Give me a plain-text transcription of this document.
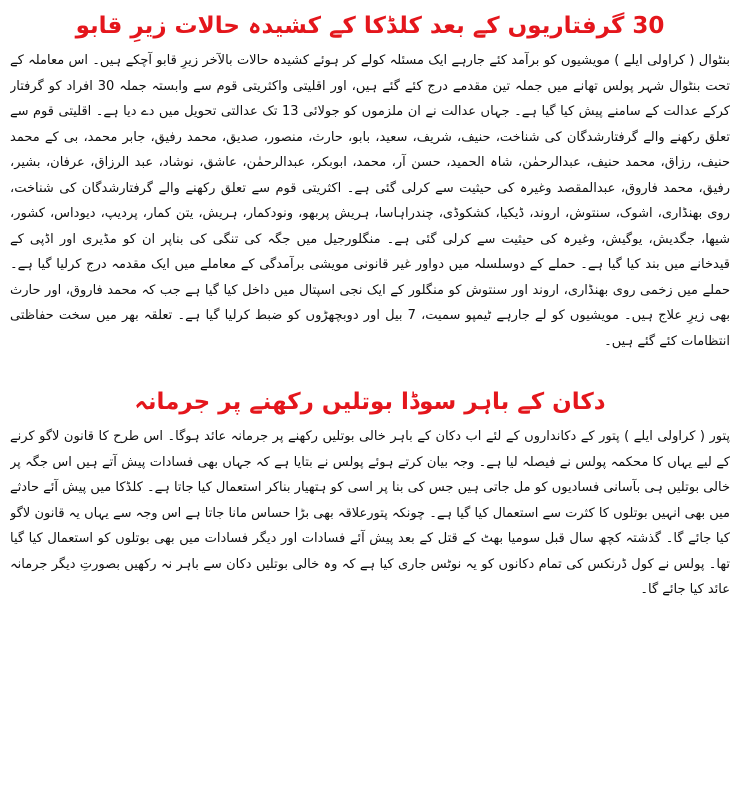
30 گرفتاریوں کے بعد کلڈکا کے کشیدہ حالات زیرِ قابو

بنٹوال ( کراولی ایلے ) مویشیوں کو برآمد کئے جارہے ایک مسئلہ کولے کر ہوئے کشیدہ حالات بالآخر زیرِ قابو آچکے ہیں۔ اس معاملہ کے تحت بنٹوال شہر پولس تھانے میں جملہ تین مقدمے درج کئے گئے ہیں، اور اقلیتی واکثریتی قوم سے وابستہ جملہ 30 افراد کو گرفتار کرکے عدالت کے سامنے پیش کیا گیا ہے۔ جہاں عدالت نے ان ملزموں کو جولائی 13 تک عدالتی تحویل میں دے دیا ہے۔ اقلیتی قوم سے تعلق رکھنے والے گرفتارشدگان کی شناخت، حنیف، شریف، سعید، بابو، حارث، منصور، صدیق، محمد رفیق، جابر محمد، بی کے محمد حنیف، رزاق، محمد حنیف، عبدالرحمٰن، شاہ الحمید، حسن آر، محمد، ابوبکر، عبدالرحمٰن، عاشق، نوشاد، عبد الرزاق، عرفان، بشیر، رفیق، محمد فاروق، عبدالمقصد وغیرہ کی حیثیت سے کرلی گئی ہے۔ اکثریتی قوم سے تعلق رکھنے والے گرفتارشدگان کی شناخت، روی بھنڈاری، اشوک، سنتوش، اروند، ڈیکیا، کشکوڈی، چندراہاسا، ہریش پربھو، ونودکمار، ہریش، یتن کمار، پردیپ، دیوداس، کشور، شیھا، جگدیش، یوگیش، وغیرہ کی حیثیت سے کرلی گئی ہے۔ منگلورجیل میں جگہ کی تنگی کی بناپر ان کو مڈیری اور اڈپی کے قیدخانے میں بند کیا گیا ہے۔ حملے کے دوسلسلہ میں دواور غیر قانونی مویشی برآمدگی کے معاملے میں ایک مقدمہ درج کرلیا گیا ہے۔ حملے میں زخمی روی بھنڈاری، اروند اور سنتوش کو منگلور کے ایک نجی اسپتال میں داخل کیا گیا ہے جب کہ محمد فاروق، اور حارث بھی زیرِ علاج ہیں۔ مویشیوں کو لے جارہے ٹیمپو سمیت، 7 بیل اور دوبچھڑوں کو ضبط کرلیا گیا ہے۔ تعلقہ بھر میں سخت حفاظتی انتظامات کئے گئے ہیں۔

دکان کے باہر سوڈا بوتلیں رکھنے پر جرمانہ

پتور ( کراولی ایلے ) پتور کے دکانداروں کے لئے اب دکان کے باہر خالی بوتلیں رکھنے پر جرمانہ عائد ہوگا۔ اس طرح کا قانون لاگو کرنے کے لیے یہاں کا محکمہ پولس نے فیصلہ لیا ہے۔ وجہ بیان کرتے ہوئے پولس نے بتایا ہے کہ جہاں بھی فسادات پیش آتے ہیں اس جگہ پر خالی بوتلیں ہی بآسانی فسادیوں کو مل جاتی ہیں جس کی بنا پر اسی کو ہتھیار بناکر استعمال کیا جاتا ہے۔ کلڈکا میں پیش آئے حادثے میں بھی انہیں بوتلوں کا کثرت سے استعمال کیا گیا ہے۔ چونکہ پتورعلاقہ بھی بڑا حساس مانا جاتا ہے اس وجہ سے یہاں یہ قانون لاگو کیا جائے گا۔ گذشتہ کچھ سال قبل سومیا بھٹ کے قتل کے بعد پیش آئے فسادات اور دیگر فسادات میں بھی بوتلوں کو استعمال کیا گیا تھا۔ پولس نے کول ڈرنکس کی تمام دکانوں کو یہ نوٹس جاری کیا ہے کہ وہ خالی بوتلیں دکان سے باہر نہ رکھیں بصورتِ دیگر جرمانہ عائد کیا جائے گا۔
